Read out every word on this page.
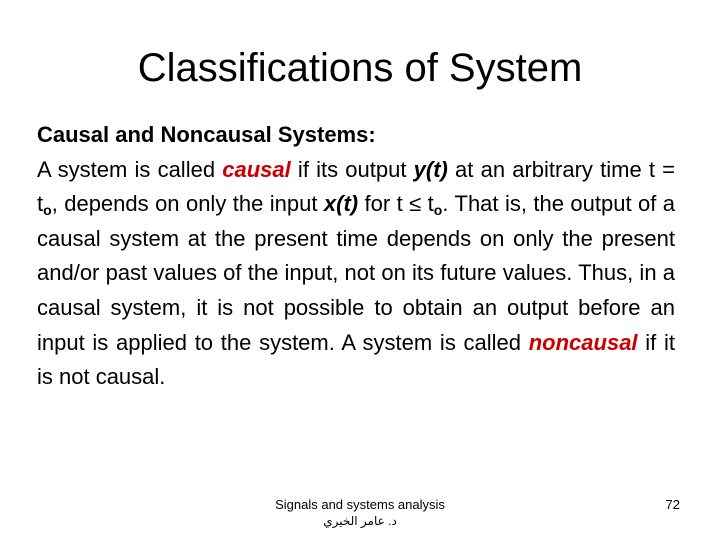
Classifications of System
Causal and Noncausal Systems:
A system is called causal if its output y(t) at an arbitrary time $t = t_o$, depends on only the input x(t) for $t \le t_o$. That is, the output of a causal system at the present time depends on only the present and/or past values of the input, not on its future values. Thus, in a causal system, it is not possible to obtain an output before an input is applied to the system. A system is called noncausal if it is not causal.
Signals and systems analysis
د. عامر الخيري
72
